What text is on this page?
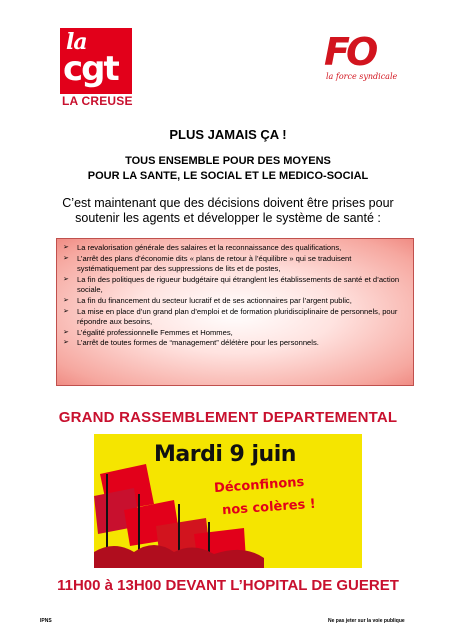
la
cgt
LA CREUSE
FO
la force syndicale
PLUS JAMAIS ÇA !
TOUS ENSEMBLE POUR DES MOYENS
POUR LA SANTE, LE SOCIAL ET LE MEDICO-SOCIAL
C’est maintenant que des décisions doivent être prises pour soutenir les agents et développer le système de santé :
➢ La revalorisation générale des salaires et la reconnaissance des qualifications,
➢ L’arrêt des plans d’économie dits « plans de retour à l’équilibre » qui se traduisent systématiquement par des suppressions de lits et de postes,
➢ La fin des politiques de rigueur budgétaire qui étranglent les établissements de santé et d’action sociale,
➢ La fin du financement du secteur lucratif et de ses actionnaires par l’argent public,
➢ La mise en place d’un grand plan d’emploi et de formation pluridisciplinaire de personnels, pour répondre aux besoins,
➢ L’égalité professionnelle Femmes et Hommes,
➢ L’arrêt de toutes formes de “management” délétère pour les personnels.
GRAND RASSEMBLEMENT DEPARTEMENTAL
Mardi 9 juin
Déconfinons
nos colères !
11H00 à 13H00 DEVANT L’HOPITAL DE GUERET
IPNS	Ne pas jeter sur la voie publique
